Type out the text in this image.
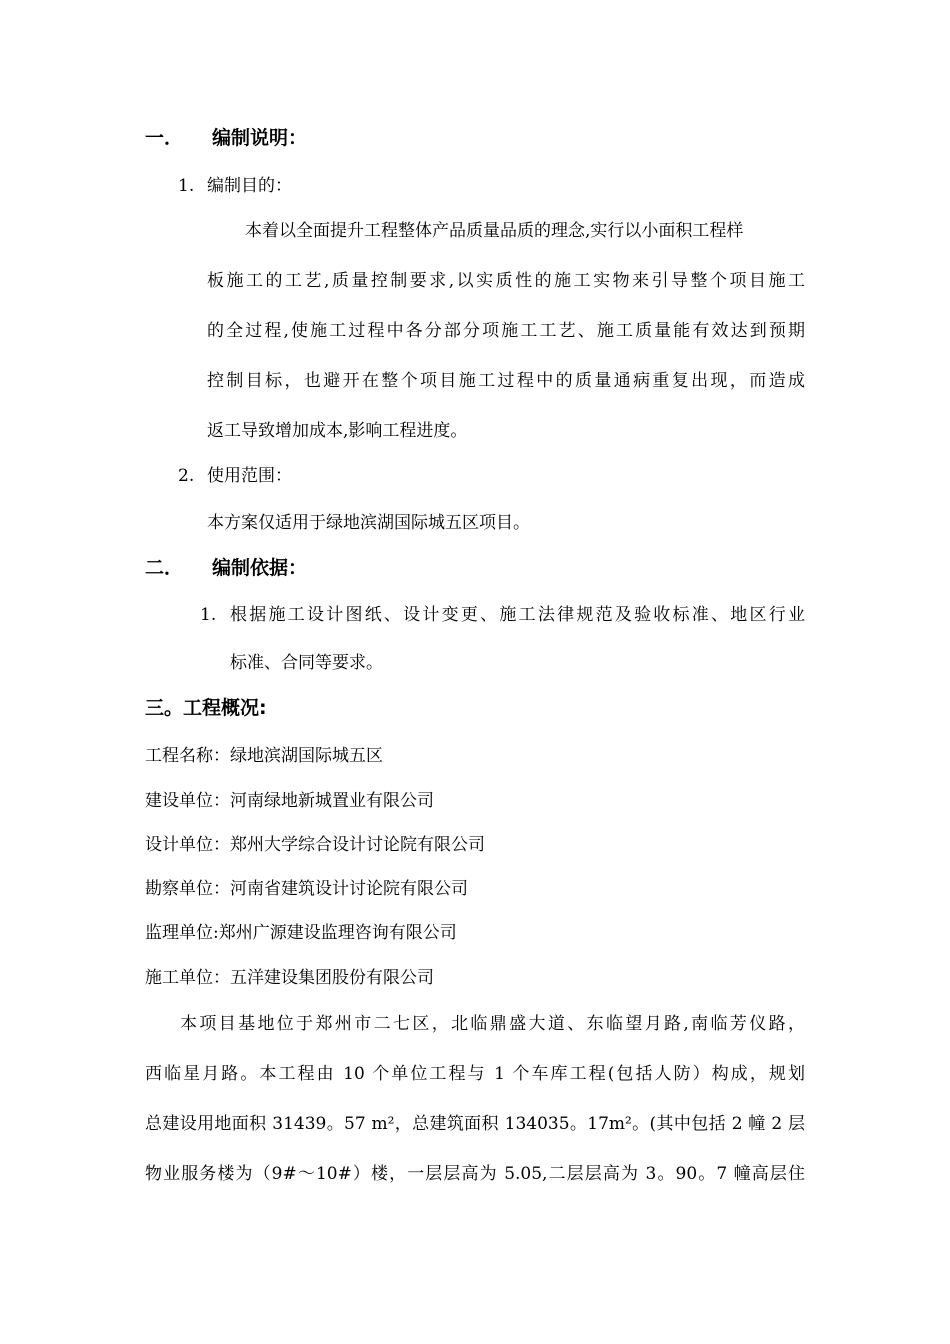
一． 编制说明：
1. 编制目的：
本着以全面提升工程整体产品质量品质的理念,实行以小面积工程样
板施工的工艺,质量控制要求,以实质性的施工实物来引导整个项目施工
的全过程,使施工过程中各分部分项施工工艺、施工质量能有效达到预期
控制目标，也避开在整个项目施工过程中的质量通病重复出现，而造成
返工导致增加成本,影响工程进度。
2. 使用范围：
本方案仅适用于绿地滨湖国际城五区项目。
二． 编制依据：
1. 根据施工设计图纸、设计变更、施工法律规范及验收标准、地区行业
标准、合同等要求。
三。工程概况:
工程名称：绿地滨湖国际城五区
建设单位：河南绿地新城置业有限公司
设计单位：郑州大学综合设计讨论院有限公司
勘察单位：河南省建筑设计讨论院有限公司
监理单位:郑州广源建设监理咨询有限公司
施工单位：五洋建设集团股份有限公司
本项目基地位于郑州市二七区，北临鼎盛大道、东临望月路,南临芳仪路，
西临星月路。本工程由 10 个单位工程与 1 个车库工程(包括人防）构成，规划
总建设用地面积 31439。57 m²，总建筑面积 134035。17m²。(其中包括 2 幢 2 层
物业服务楼为（9#～10#）楼，一层层高为 5.05,二层层高为 3。90。7 幢高层住
